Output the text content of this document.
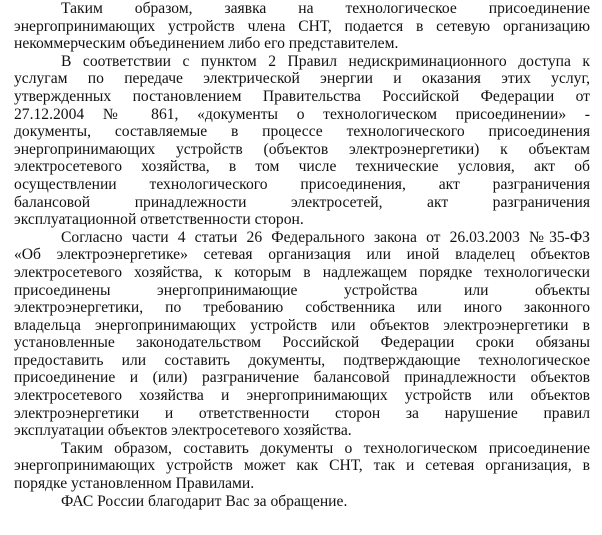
Таким образом, заявка на технологическое присоединение
энергопринимающих устройств члена СНТ, подается в сетевую организацию
некоммерческим объединением либо его представителем.
В соответствии с пунктом 2 Правил недискриминационного доступа к
услугам по передаче электрической энергии и оказания этих услуг,
утвержденных постановлением Правительства Российской Федерации от
27.12.2004 № 861, «документы о технологическом присоединении» -
документы, составляемые в процессе технологического присоединения
энергопринимающих устройств (объектов электроэнергетики) к объектам
электросетевого хозяйства, в том числе технические условия, акт об
осуществлении технологического присоединения, акт разграничения
балансовой принадлежности электросетей, акт разграничения
эксплуатационной ответственности сторон.
Согласно части 4 статьи 26 Федерального закона от 26.03.2003 №35-ФЗ
«Об электроэнергетике» сетевая организация или иной владелец объектов
электросетевого хозяйства, к которым в надлежащем порядке технологически
присоединены энергопринимающие устройства или объекты
электроэнергетики, по требованию собственника или иного законного
владельца энергопринимающих устройств или объектов электроэнергетики в
установленные законодательством Российской Федерации сроки обязаны
предоставить или составить документы, подтверждающие технологическое
присоединение и (или) разграничение балансовой принадлежности объектов
электросетевого хозяйства и энергопринимающих устройств или объектов
электроэнергетики и ответственности сторон за нарушение правил
эксплуатации объектов электросетевого хозяйства.
Таким образом, составить документы о технологическом присоединение
энергопринимающих устройств может как СНТ, так и сетевая организация, в
порядке установленном Правилами.
ФАС России благодарит Вас за обращение.
